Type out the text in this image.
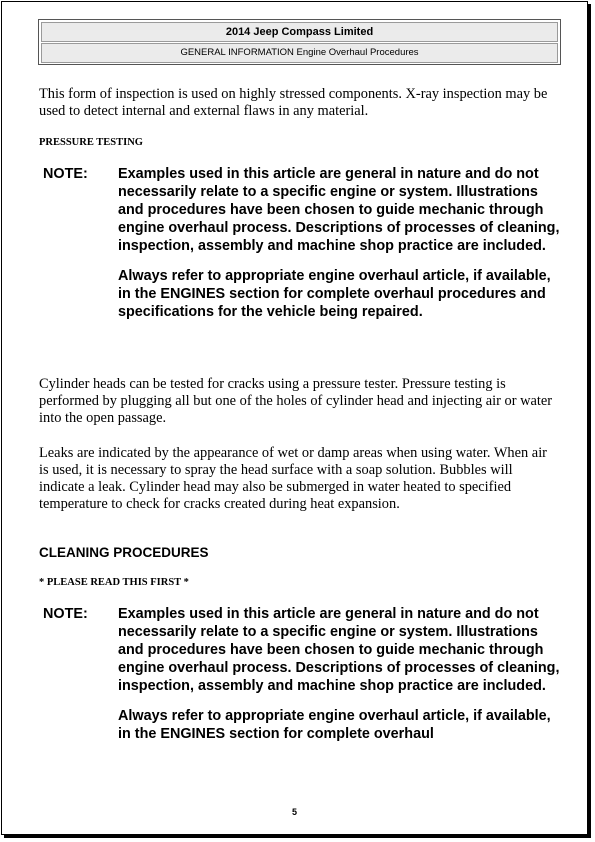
2014 Jeep Compass Limited
GENERAL INFORMATION Engine Overhaul Procedures

This form of inspection is used on highly stressed components. X-ray inspection may be used to detect internal and external flaws in any material.

PRESSURE TESTING

NOTE:	Examples used in this article are general in nature and do not necessarily relate to a specific engine or system. Illustrations and procedures have been chosen to guide mechanic through engine overhaul process. Descriptions of processes of cleaning, inspection, assembly and machine shop practice are included.

Always refer to appropriate engine overhaul article, if available, in the ENGINES section for complete overhaul procedures and specifications for the vehicle being repaired.

Cylinder heads can be tested for cracks using a pressure tester. Pressure testing is performed by plugging all but one of the holes of cylinder head and injecting air or water into the open passage.

Leaks are indicated by the appearance of wet or damp areas when using water. When air is used, it is necessary to spray the head surface with a soap solution. Bubbles will indicate a leak. Cylinder head may also be submerged in water heated to specified temperature to check for cracks created during heat expansion.

CLEANING PROCEDURES

* PLEASE READ THIS FIRST *

NOTE:	Examples used in this article are general in nature and do not necessarily relate to a specific engine or system. Illustrations and procedures have been chosen to guide mechanic through engine overhaul process. Descriptions of processes of cleaning, inspection, assembly and machine shop practice are included.

Always refer to appropriate engine overhaul article, if available, in the ENGINES section for complete overhaul

5
